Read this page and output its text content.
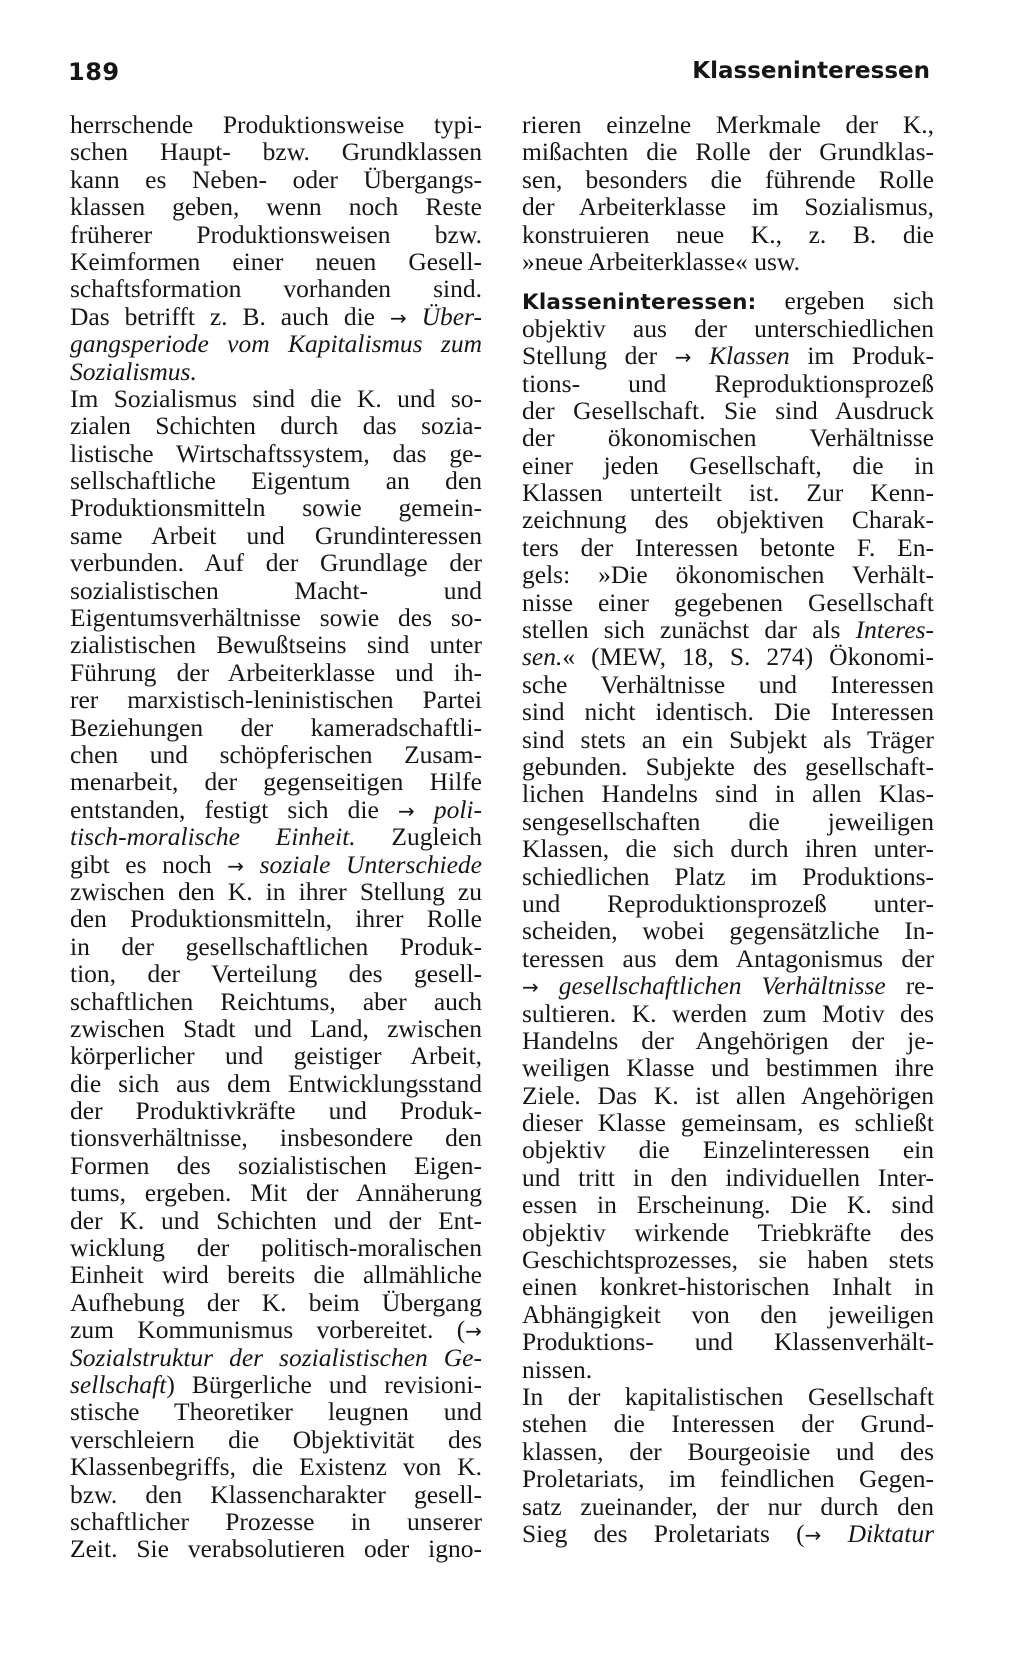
189	Klasseninteressen
herrschende Produktionsweise typi-
schen Haupt- bzw. Grundklassen
kann es Neben- oder Übergangs-
klassen geben, wenn noch Reste
früherer Produktionsweisen bzw.
Keimformen einer neuen Gesell-
schaftsformation vorhanden sind.
Das betrifft z. B. auch die → Über-
gangsperiode vom Kapitalismus zum
Sozialismus.
Im Sozialismus sind die K. und so-
zialen Schichten durch das sozia-
listische Wirtschaftssystem, das ge-
sellschaftliche Eigentum an den
Produktionsmitteln sowie gemein-
same Arbeit und Grundinteressen
verbunden. Auf der Grundlage der
sozialistischen Macht- und
Eigentumsverhältnisse sowie des so-
zialistischen Bewußtseins sind unter
Führung der Arbeiterklasse und ih-
rer marxistisch-leninistischen Partei
Beziehungen der kameradschaftli-
chen und schöpferischen Zusam-
menarbeit, der gegenseitigen Hilfe
entstanden, festigt sich die → poli-
tisch-moralische Einheit. Zugleich
gibt es noch → soziale Unterschiede
zwischen den K. in ihrer Stellung zu
den Produktionsmitteln, ihrer Rolle
in der gesellschaftlichen Produk-
tion, der Verteilung des gesell-
schaftlichen Reichtums, aber auch
zwischen Stadt und Land, zwischen
körperlicher und geistiger Arbeit,
die sich aus dem Entwicklungsstand
der Produktivkräfte und Produk-
tionsverhältnisse, insbesondere den
Formen des sozialistischen Eigen-
tums, ergeben. Mit der Annäherung
der K. und Schichten und der Ent-
wicklung der politisch-moralischen
Einheit wird bereits die allmähliche
Aufhebung der K. beim Übergang
zum Kommunismus vorbereitet. (→
Sozialstruktur der sozialistischen Ge-
sellschaft) Bürgerliche und revisioni-
stische Theoretiker leugnen und
verschleiern die Objektivität des
Klassenbegriffs, die Existenz von K.
bzw. den Klassencharakter gesell-
schaftlicher Prozesse in unserer
Zeit. Sie verabsolutieren oder igno-
rieren einzelne Merkmale der K.,
mißachten die Rolle der Grundklas-
sen, besonders die führende Rolle
der Arbeiterklasse im Sozialismus,
konstruieren neue K., z. B. die
»neue Arbeiterklasse« usw.
Klasseninteressen: ergeben sich
objektiv aus der unterschiedlichen
Stellung der → Klassen im Produk-
tions- und Reproduktionsprozeß
der Gesellschaft. Sie sind Ausdruck
der ökonomischen Verhältnisse
einer jeden Gesellschaft, die in
Klassen unterteilt ist. Zur Kenn-
zeichnung des objektiven Charak-
ters der Interessen betonte F. En-
gels: »Die ökonomischen Verhält-
nisse einer gegebenen Gesellschaft
stellen sich zunächst dar als Interes-
sen.« (MEW, 18, S. 274) Ökonomi-
sche Verhältnisse und Interessen
sind nicht identisch. Die Interessen
sind stets an ein Subjekt als Träger
gebunden. Subjekte des gesellschaft-
lichen Handelns sind in allen Klas-
sengesellschaften die jeweiligen
Klassen, die sich durch ihren unter-
schiedlichen Platz im Produktions-
und Reproduktionsprozeß unter-
scheiden, wobei gegensätzliche In-
teressen aus dem Antagonismus der
→ gesellschaftlichen Verhältnisse re-
sultieren. K. werden zum Motiv des
Handelns der Angehörigen der je-
weiligen Klasse und bestimmen ihre
Ziele. Das K. ist allen Angehörigen
dieser Klasse gemeinsam, es schließt
objektiv die Einzelinteressen ein
und tritt in den individuellen Inter-
essen in Erscheinung. Die K. sind
objektiv wirkende Triebkräfte des
Geschichtsprozesses, sie haben stets
einen konkret-historischen Inhalt in
Abhängigkeit von den jeweiligen
Produktions- und Klassenverhält-
nissen.
In der kapitalistischen Gesellschaft
stehen die Interessen der Grund-
klassen, der Bourgeoisie und des
Proletariats, im feindlichen Gegen-
satz zueinander, der nur durch den
Sieg des Proletariats (→ Diktatur
